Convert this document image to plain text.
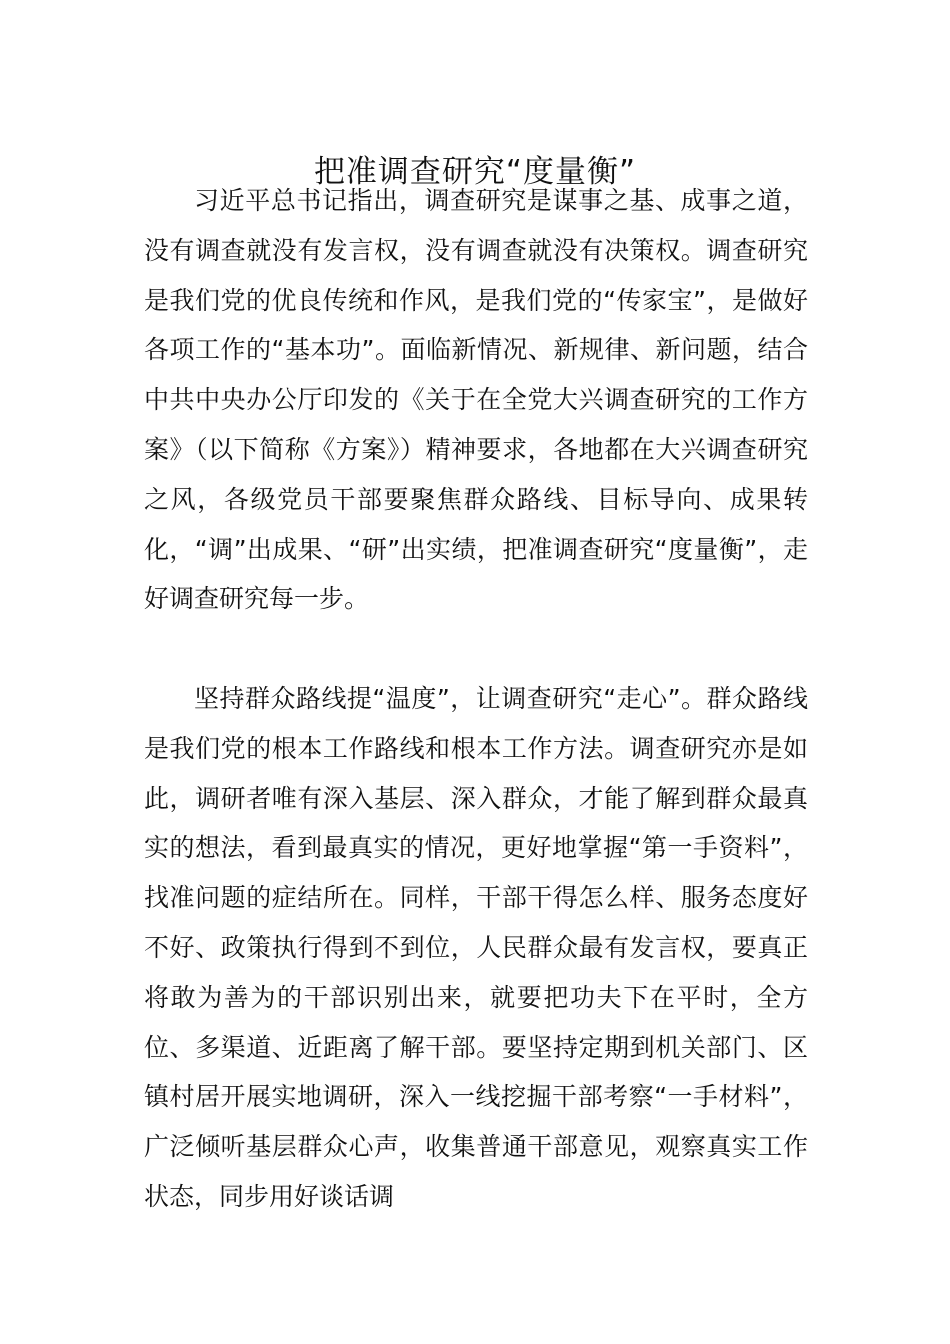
把准调查研究“度量衡”

习近平总书记指出，调查研究是谋事之基、成事之道，没有调查就没有发言权，没有调查就没有决策权。调查研究是我们党的优良传统和作风，是我们党的“传家宝”，是做好各项工作的“基本功”。面临新情况、新规律、新问题，结合中共中央办公厅印发的《关于在全党大兴调查研究的工作方案》（以下简称《方案》）精神要求，各地都在大兴调查研究之风，各级党员干部要聚焦群众路线、目标导向、成果转化，“调”出成果、“研”出实绩，把准调查研究“度量衡”，走好调查研究每一步。

坚持群众路线提“温度”，让调查研究“走心”。群众路线是我们党的根本工作路线和根本工作方法。调查研究亦是如此，调研者唯有深入基层、深入群众，才能了解到群众最真实的想法，看到最真实的情况，更好地掌握“第一手资料”，找准问题的症结所在。同样，干部干得怎么样、服务态度好不好、政策执行得到不到位，人民群众最有发言权，要真正将敢为善为的干部识别出来，就要把功夫下在平时，全方位、多渠道、近距离了解干部。要坚持定期到机关部门、区镇村居开展实地调研，深入一线挖掘干部考察“一手材料”，广泛倾听基层群众心声，收集普通干部意见，观察真实工作状态，同步用好谈话调
